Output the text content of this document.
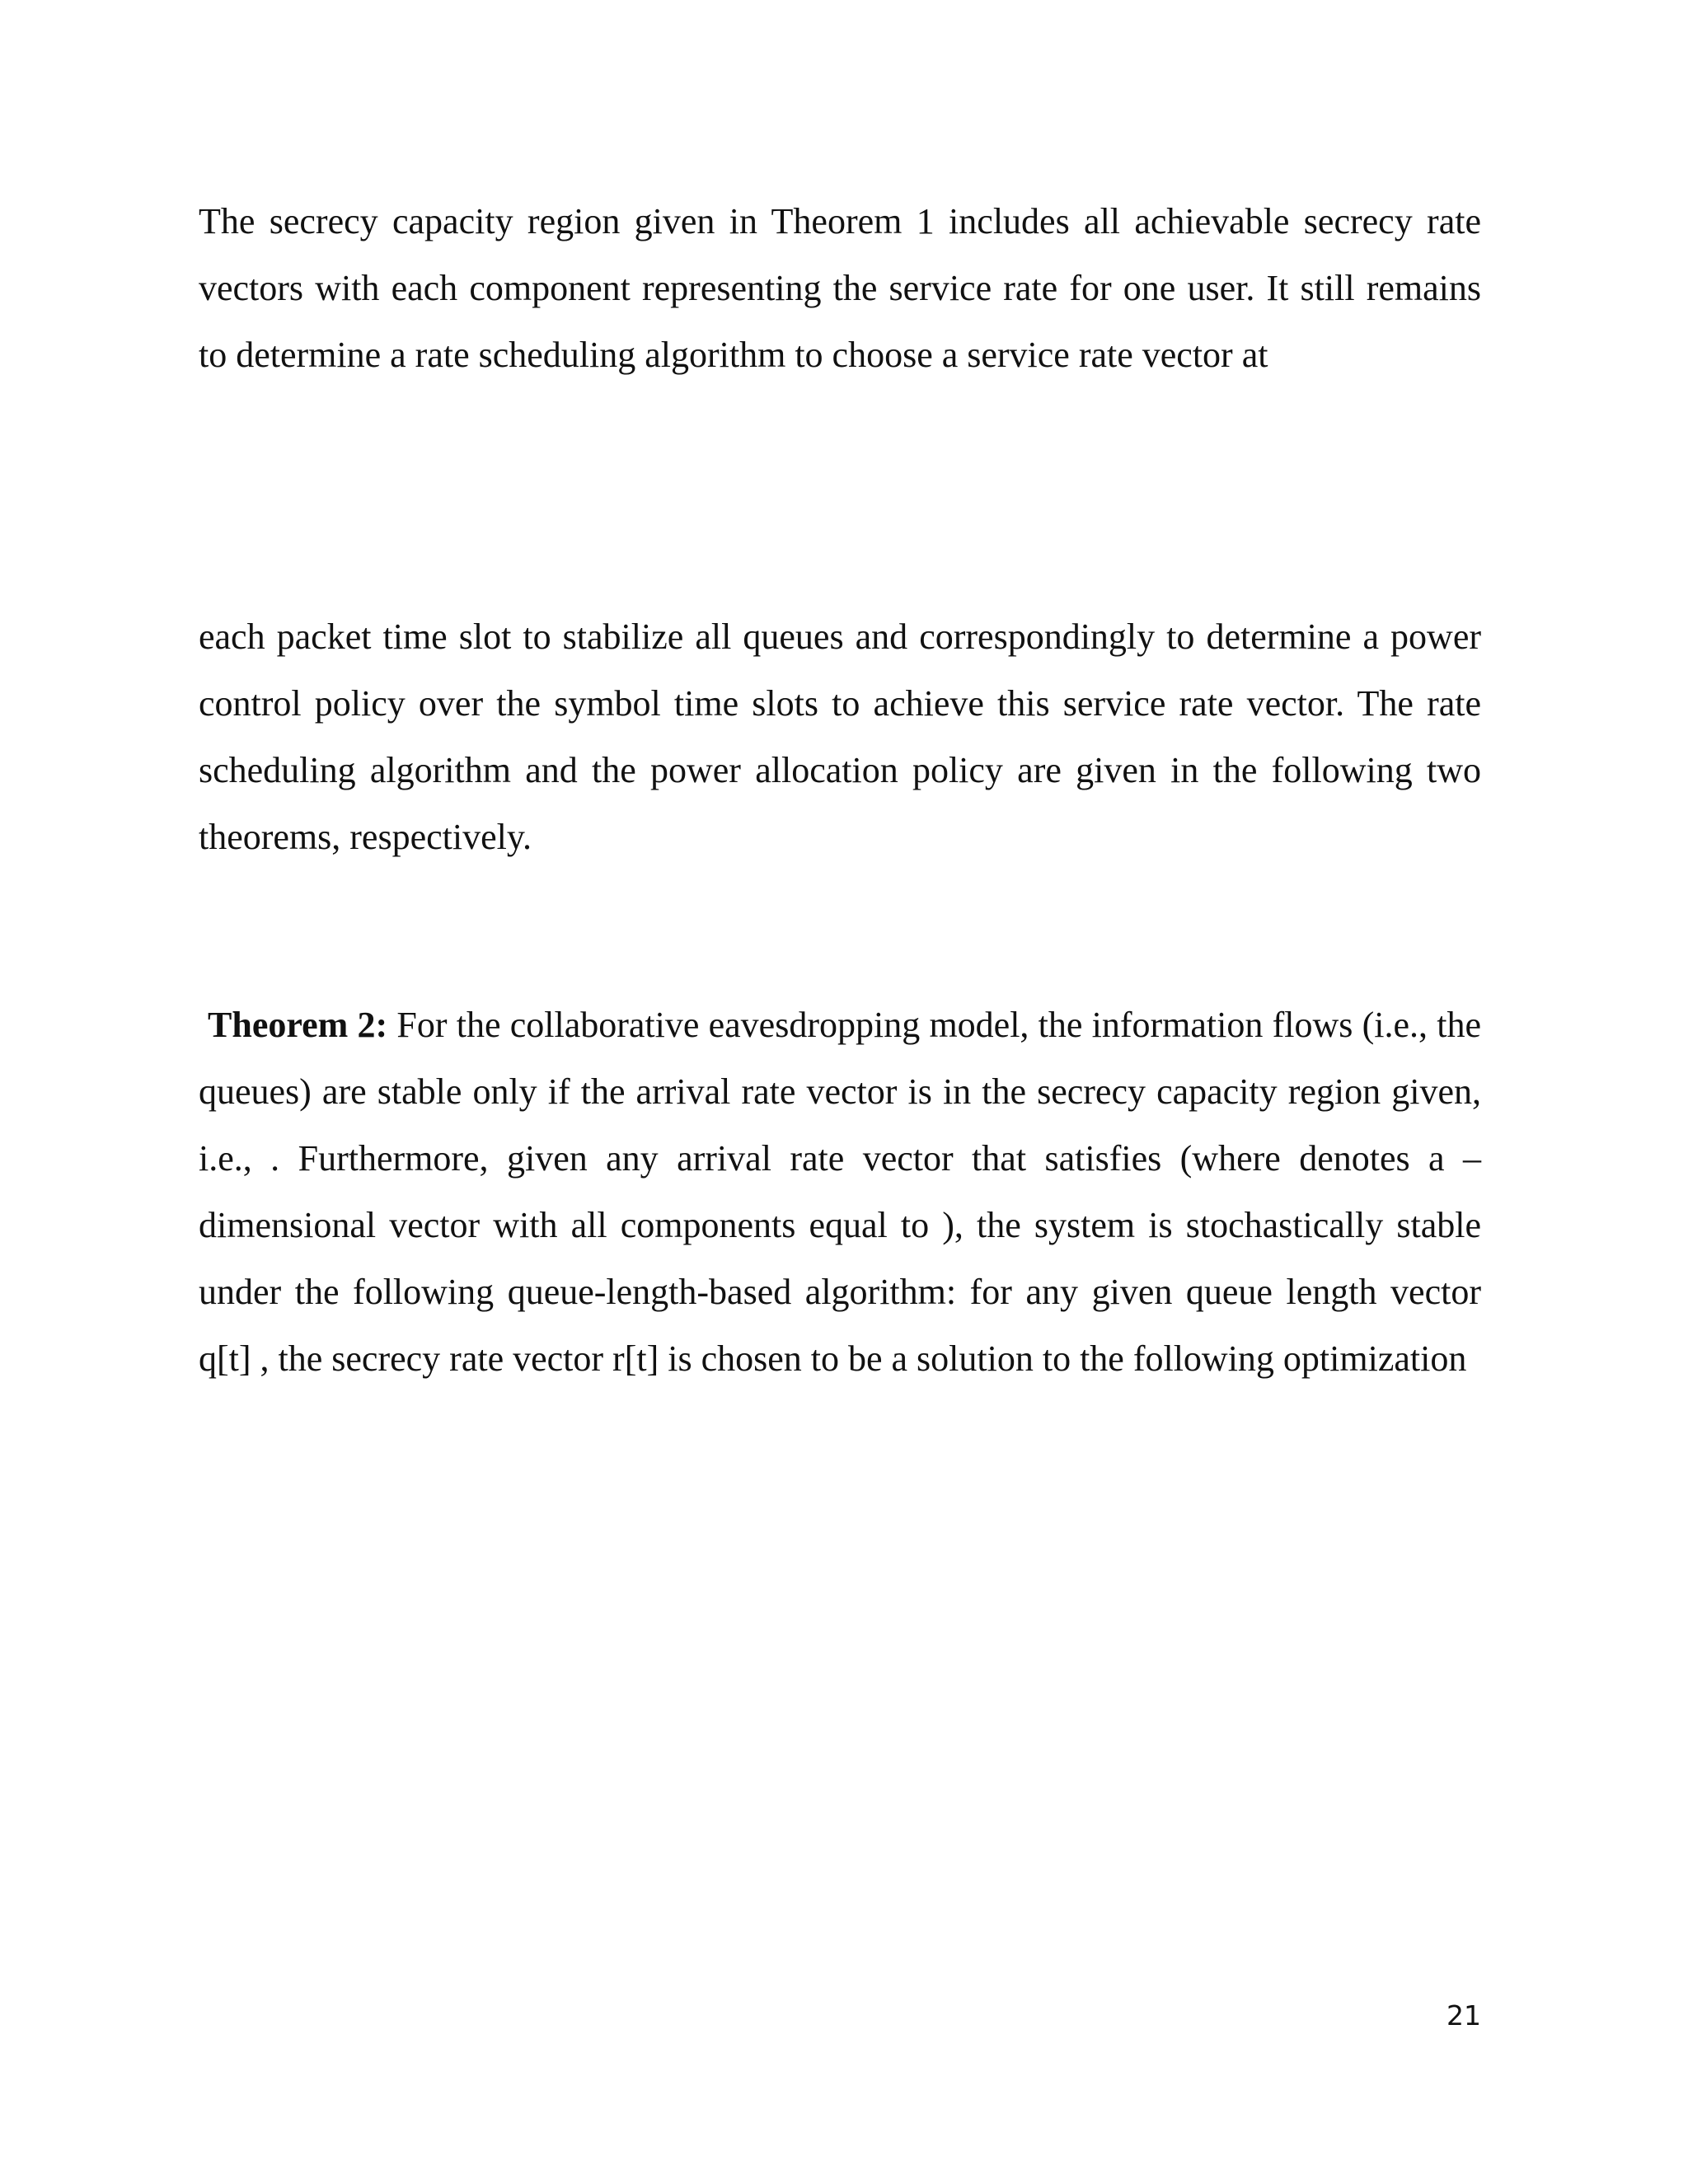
The secrecy capacity region given in Theorem 1 includes all achievable secrecy rate vectors with each component representing the service rate for one user. It still remains to determine a rate scheduling algorithm to choose a service rate vector at

each packet time slot to stabilize all queues and correspondingly to determine a power control policy over the symbol time slots to achieve this service rate vector. The rate scheduling algorithm and the power allocation policy are given in the following two theorems, respectively.

Theorem 2: For the collaborative eavesdropping model, the information flows (i.e., the queues) are stable only if the arrival rate vector is in the secrecy capacity region given, i.e., . Furthermore, given any arrival rate vector that satisfies (where denotes a –dimensional vector with all components equal to ), the system is stochastically stable under the following queue-length-based algorithm: for any given queue length vector q[t] , the secrecy rate vector r[t] is chosen to be a solution to the following optimization

21
